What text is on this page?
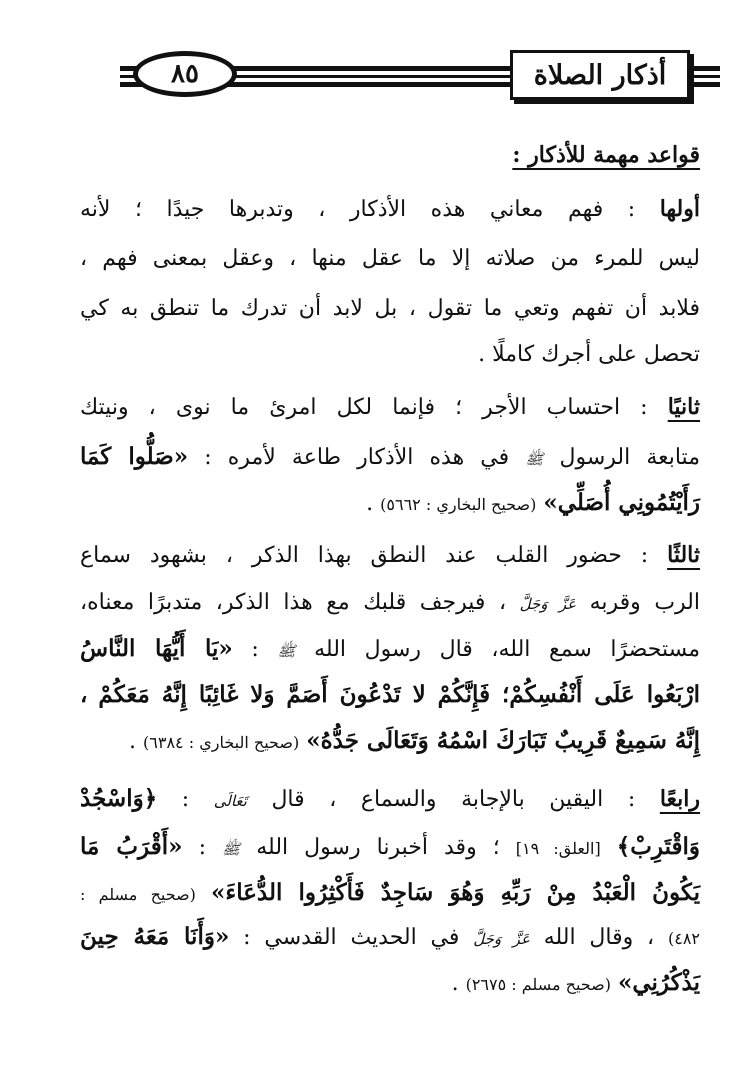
٨٥	أذكار الصلاة
قواعد مهمة للأذكار :
أولها : فهم معاني هذه الأذكار ، وتدبرها جيدًا ؛ لأنه
ليس للمرء من صلاته إلا ما عقل منها ، وعقل بمعنى فهم ،
فلابد أن تفهم وتعي ما تقول ، بل لابد أن تدرك ما تنطق به كي
تحصل على أجرك كاملًا .
ثانيًا : احتساب الأجر ؛ فإنما لكل امرئ ما نوى ، ونيتك
متابعة الرسول ﷺ في هذه الأذكار طاعة لأمره : «صَلُّوا كَمَا
رَأَيْتُمُونِي أُصَلِّي» (صحيح البخاري : ٥٦٦٢) .
ثالثًا : حضور القلب عند النطق بهذا الذكر ، بشهود سماع
الرب وقربه عَزَّ وَجَلَّ ، فيرجف قلبك مع هذا الذكر، متدبرًا معناه،
مستحضرًا سمع الله، قال رسول الله ﷺ : «يَا أَيُّهَا النَّاسُ
ارْبَعُوا عَلَى أَنْفُسِكُمْ؛ فَإِنَّكُمْ لا تَدْعُونَ أَصَمَّ وَلا غَائِبًا إِنَّهُ مَعَكُمْ ،
إِنَّهُ سَمِيعٌ قَرِيبٌ تَبَارَكَ اسْمُهُ وَتَعَالَى جَدُّهُ» (صحيح البخاري : ٦٣٨٤) .
رابعًا : اليقين بالإجابة والسماع ، قال تَعَالَى : ﴿وَاسْجُدْ
وَاقْتَرِبْ﴾ [العلق: ١٩] ؛ وقد أخبرنا رسول الله ﷺ : «أَقْرَبُ مَا
يَكُونُ الْعَبْدُ مِنْ رَبِّهِ وَهُوَ سَاجِدٌ فَأَكْثِرُوا الدُّعَاءَ» (صحيح مسلم :
٤٨٢) ، وقال الله عَزَّ وَجَلَّ في الحديث القدسي : «وَأَنَا مَعَهُ حِينَ
يَذْكُرُنِي» (صحيح مسلم : ٢٦٧٥) .
